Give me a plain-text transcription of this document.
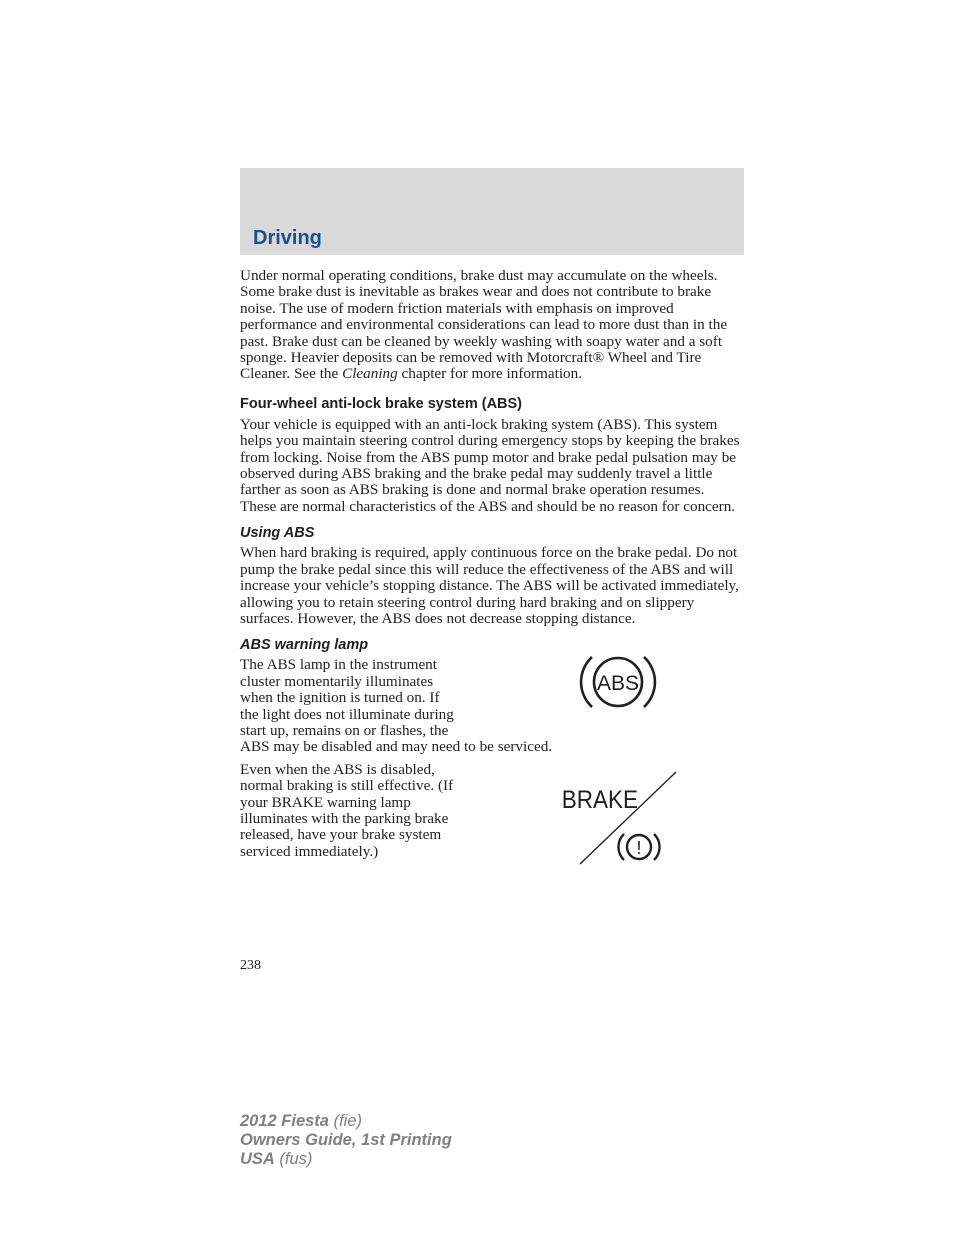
Driving

Under normal operating conditions, brake dust may accumulate on the wheels. Some brake dust is inevitable as brakes wear and does not contribute to brake noise. The use of modern friction materials with emphasis on improved performance and environmental considerations can lead to more dust than in the past. Brake dust can be cleaned by weekly washing with soapy water and a soft sponge. Heavier deposits can be removed with Motorcraft® Wheel and Tire Cleaner. See the Cleaning chapter for more information.

Four-wheel anti-lock brake system (ABS)

Your vehicle is equipped with an anti-lock braking system (ABS). This system helps you maintain steering control during emergency stops by keeping the brakes from locking. Noise from the ABS pump motor and brake pedal pulsation may be observed during ABS braking and the brake pedal may suddenly travel a little farther as soon as ABS braking is done and normal brake operation resumes. These are normal characteristics of the ABS and should be no reason for concern.

Using ABS

When hard braking is required, apply continuous force on the brake pedal. Do not pump the brake pedal since this will reduce the effectiveness of the ABS and will increase your vehicle’s stopping distance. The ABS will be activated immediately, allowing you to retain steering control during hard braking and on slippery surfaces. However, the ABS does not decrease stopping distance.

ABS warning lamp

The ABS lamp in the instrument
cluster momentarily illuminates
when the ignition is turned on. If
the light does not illuminate during
start up, remains on or flashes, the
ABS may be disabled and may need to be serviced.

ABS

Even when the ABS is disabled,
normal braking is still effective. (If
your BRAKE warning lamp
illuminates with the parking brake
released, have your brake system
serviced immediately.)

BRAKE
!
238
2012 Fiesta (fie)
Owners Guide, 1st Printing
USA (fus)
